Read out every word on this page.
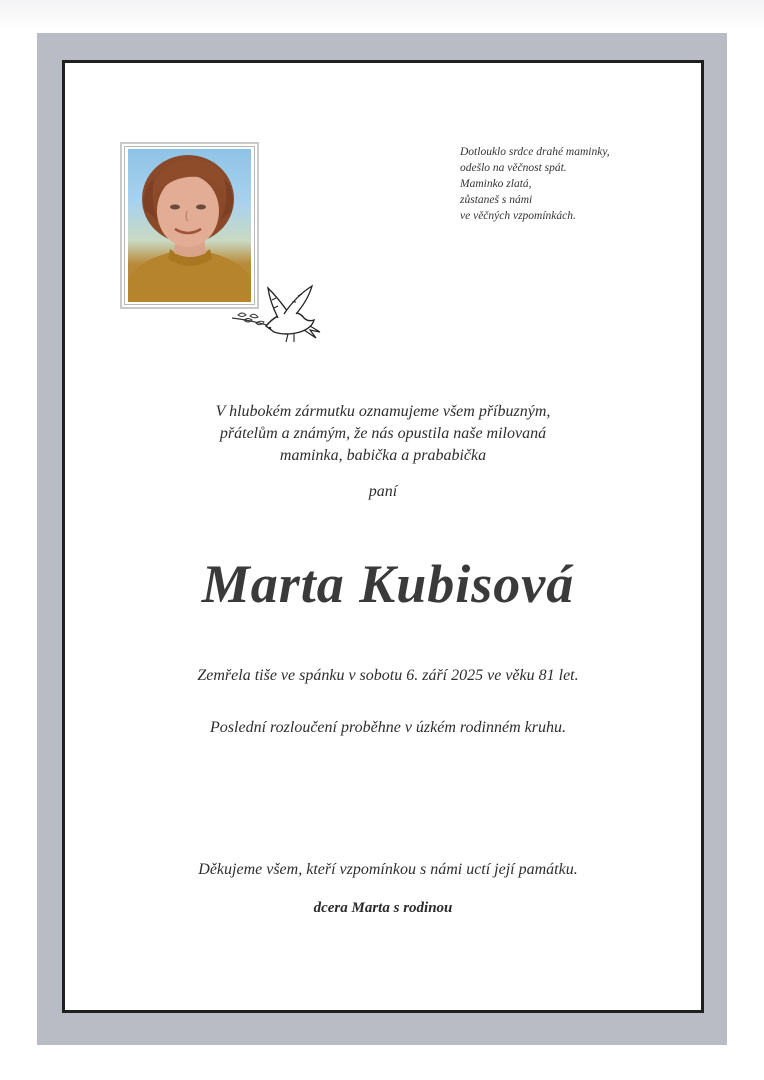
Dotlouklo srdce drahé maminky,
odešlo na věčnost spát.
Maminko zlatá,
zůstaneš s námi
ve věčných vzpomínkách.
V hlubokém zármutku oznamujeme všem příbuzným,
přátelům a známým, že nás opustila naše milovaná
maminka, babička a prababička
paní
Marta Kubisová
Zemřela tiše ve spánku v sobotu 6. září 2025 ve věku 81 let.
Poslední rozloučení proběhne v úzkém rodinném kruhu.
Děkujeme všem, kteří vzpomínkou s námi uctí její památku.
dcera Marta s rodinou
